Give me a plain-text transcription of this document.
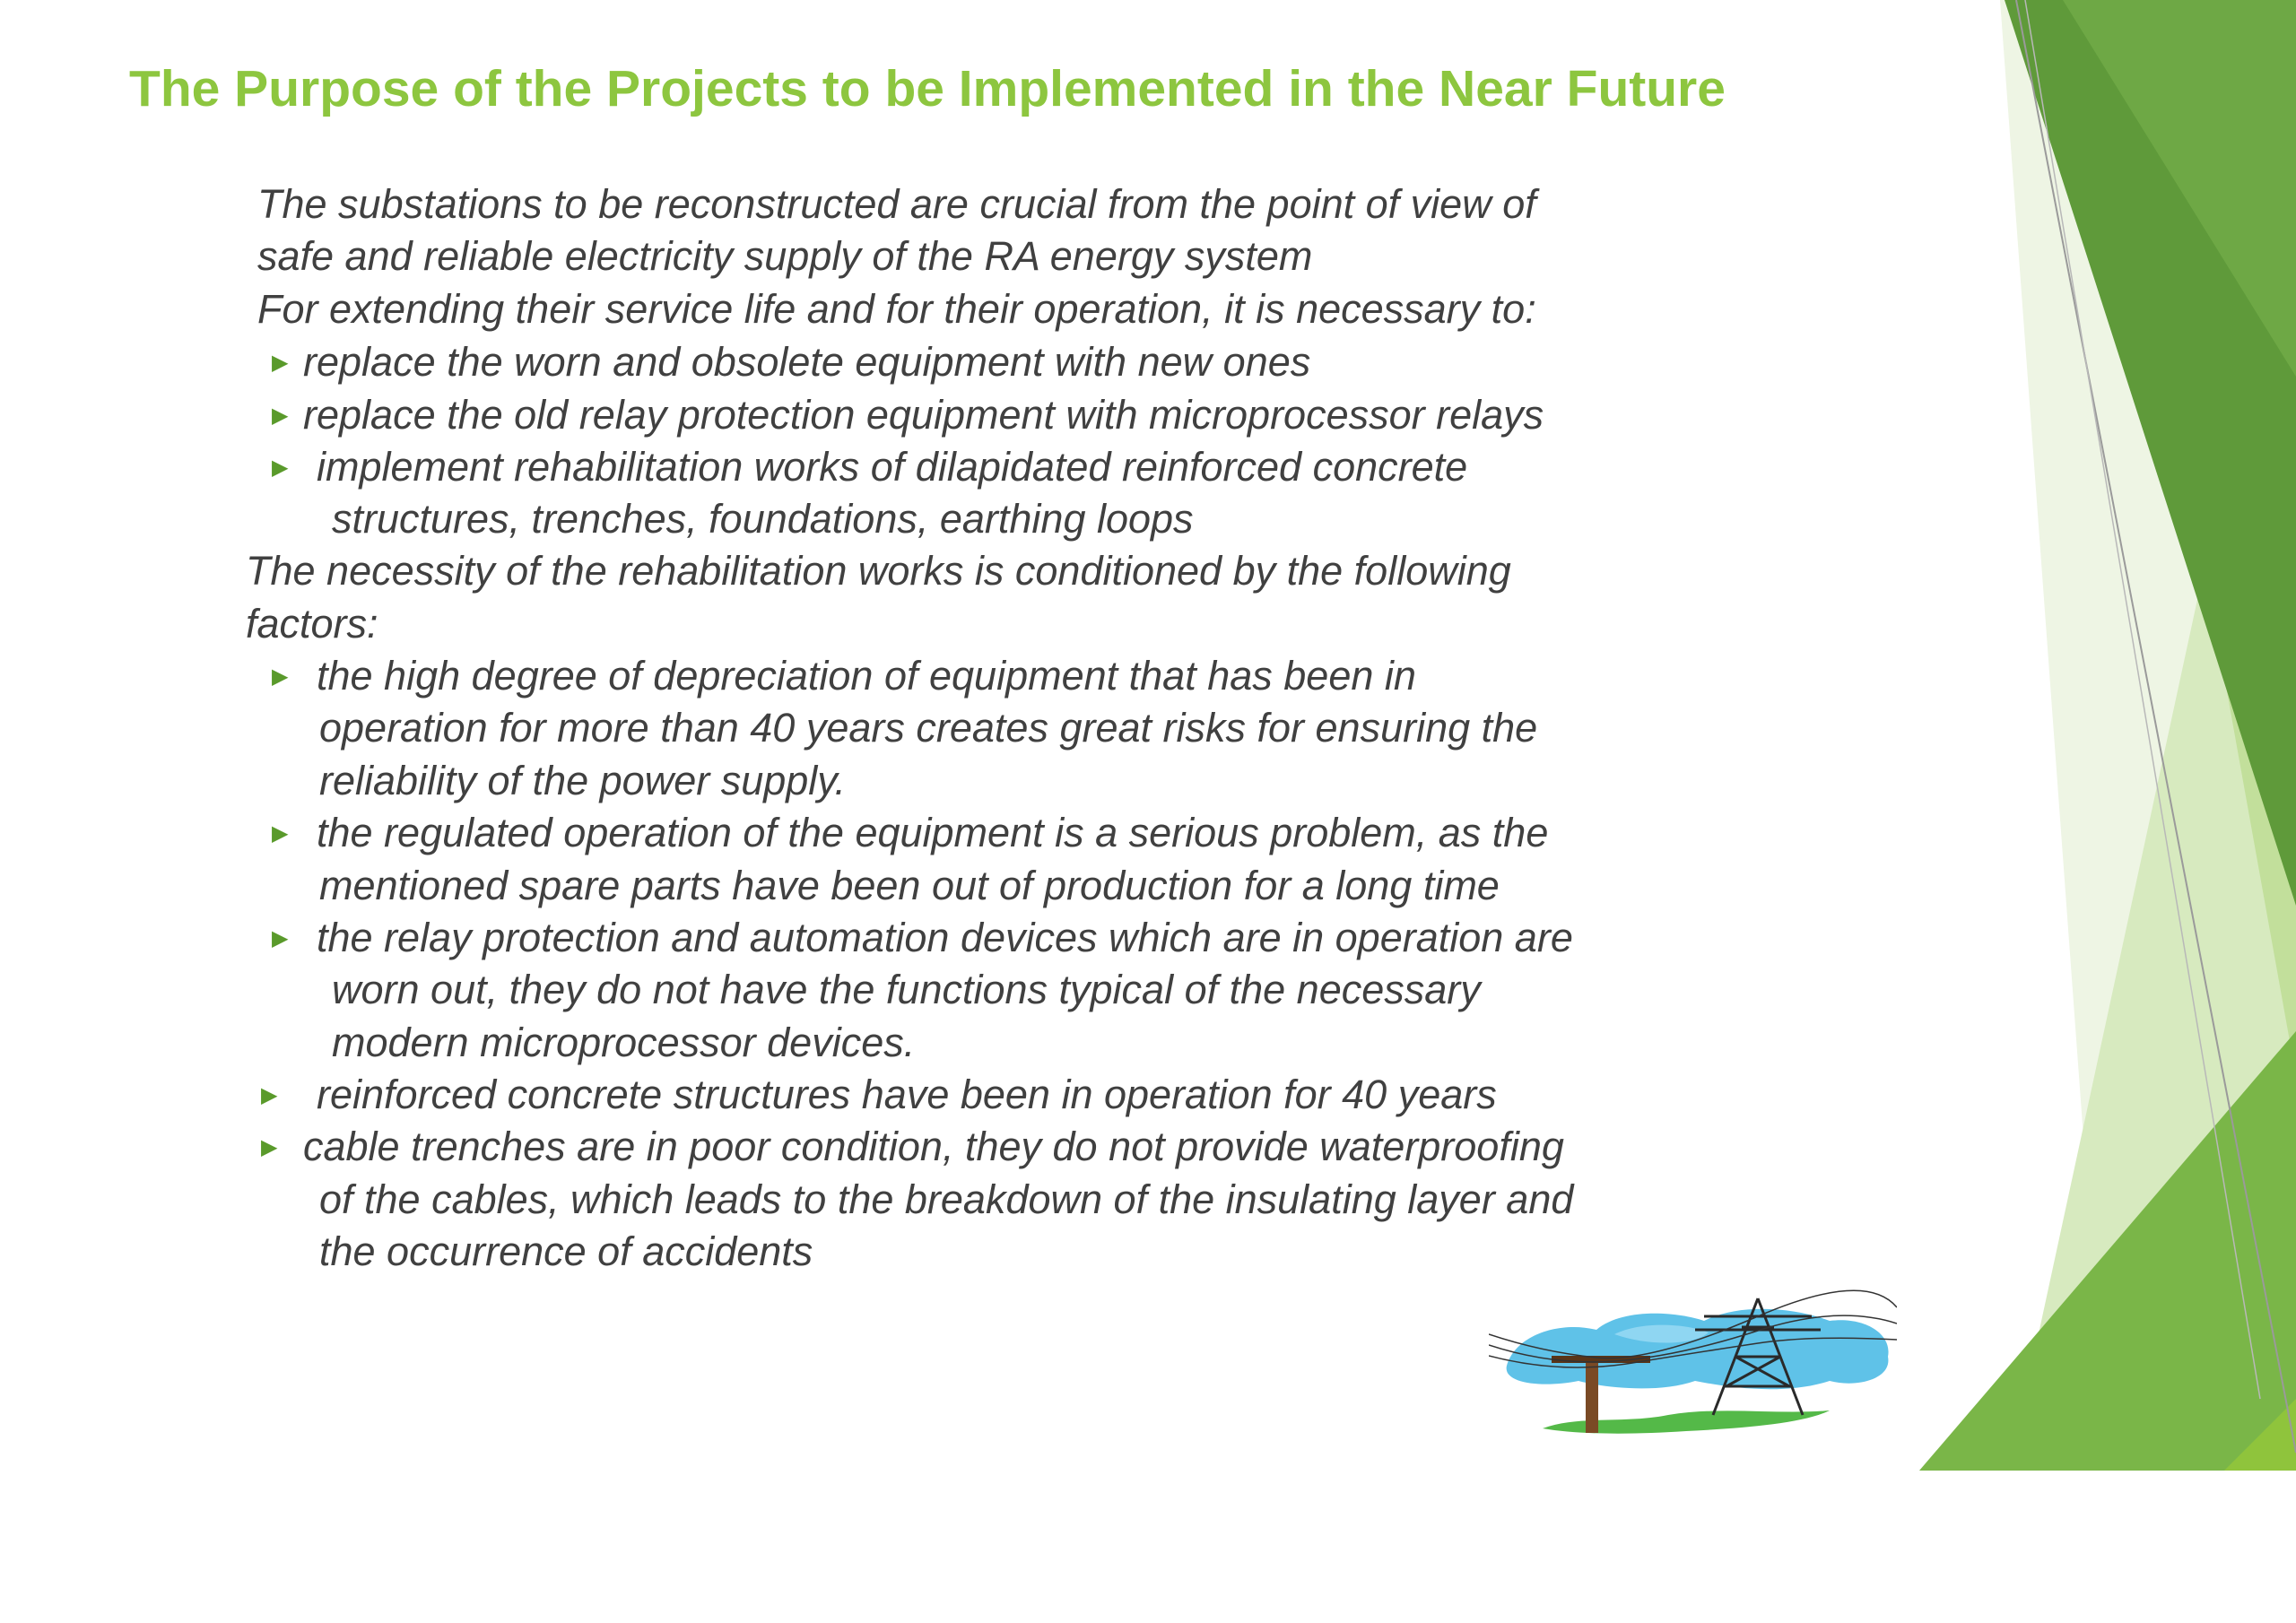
The Purpose of the Projects to be Implemented in the Near Future

The substations to be reconstructed are crucial from the point of view of

safe and reliable electricity supply of the RA energy system

For extending their service life and for their operation, it is necessary to:

▶ replace the worn and obsolete equipment with new ones

▶ replace the old relay protection equipment with microprocessor relays

▶ implement rehabilitation works of dilapidated reinforced concrete

structures, trenches, foundations, earthing loops

The necessity of the rehabilitation works is conditioned by the following

factors:

▶ the high degree of depreciation of equipment that has been in

operation for more than 40 years creates great risks for ensuring the

reliability of the power supply.

▶ the regulated operation of the equipment is a serious problem, as the

mentioned spare parts have been out of production for a long time

▶ the relay protection and automation devices which are in operation are

worn out, they do not have the functions typical of the necessary

modern microprocessor devices.

▶ reinforced concrete structures have been in operation for 40 years

▶ cable trenches are in poor condition, they do not provide waterproofing

of the cables, which leads to the breakdown of the insulating layer and

the occurrence of accidents
